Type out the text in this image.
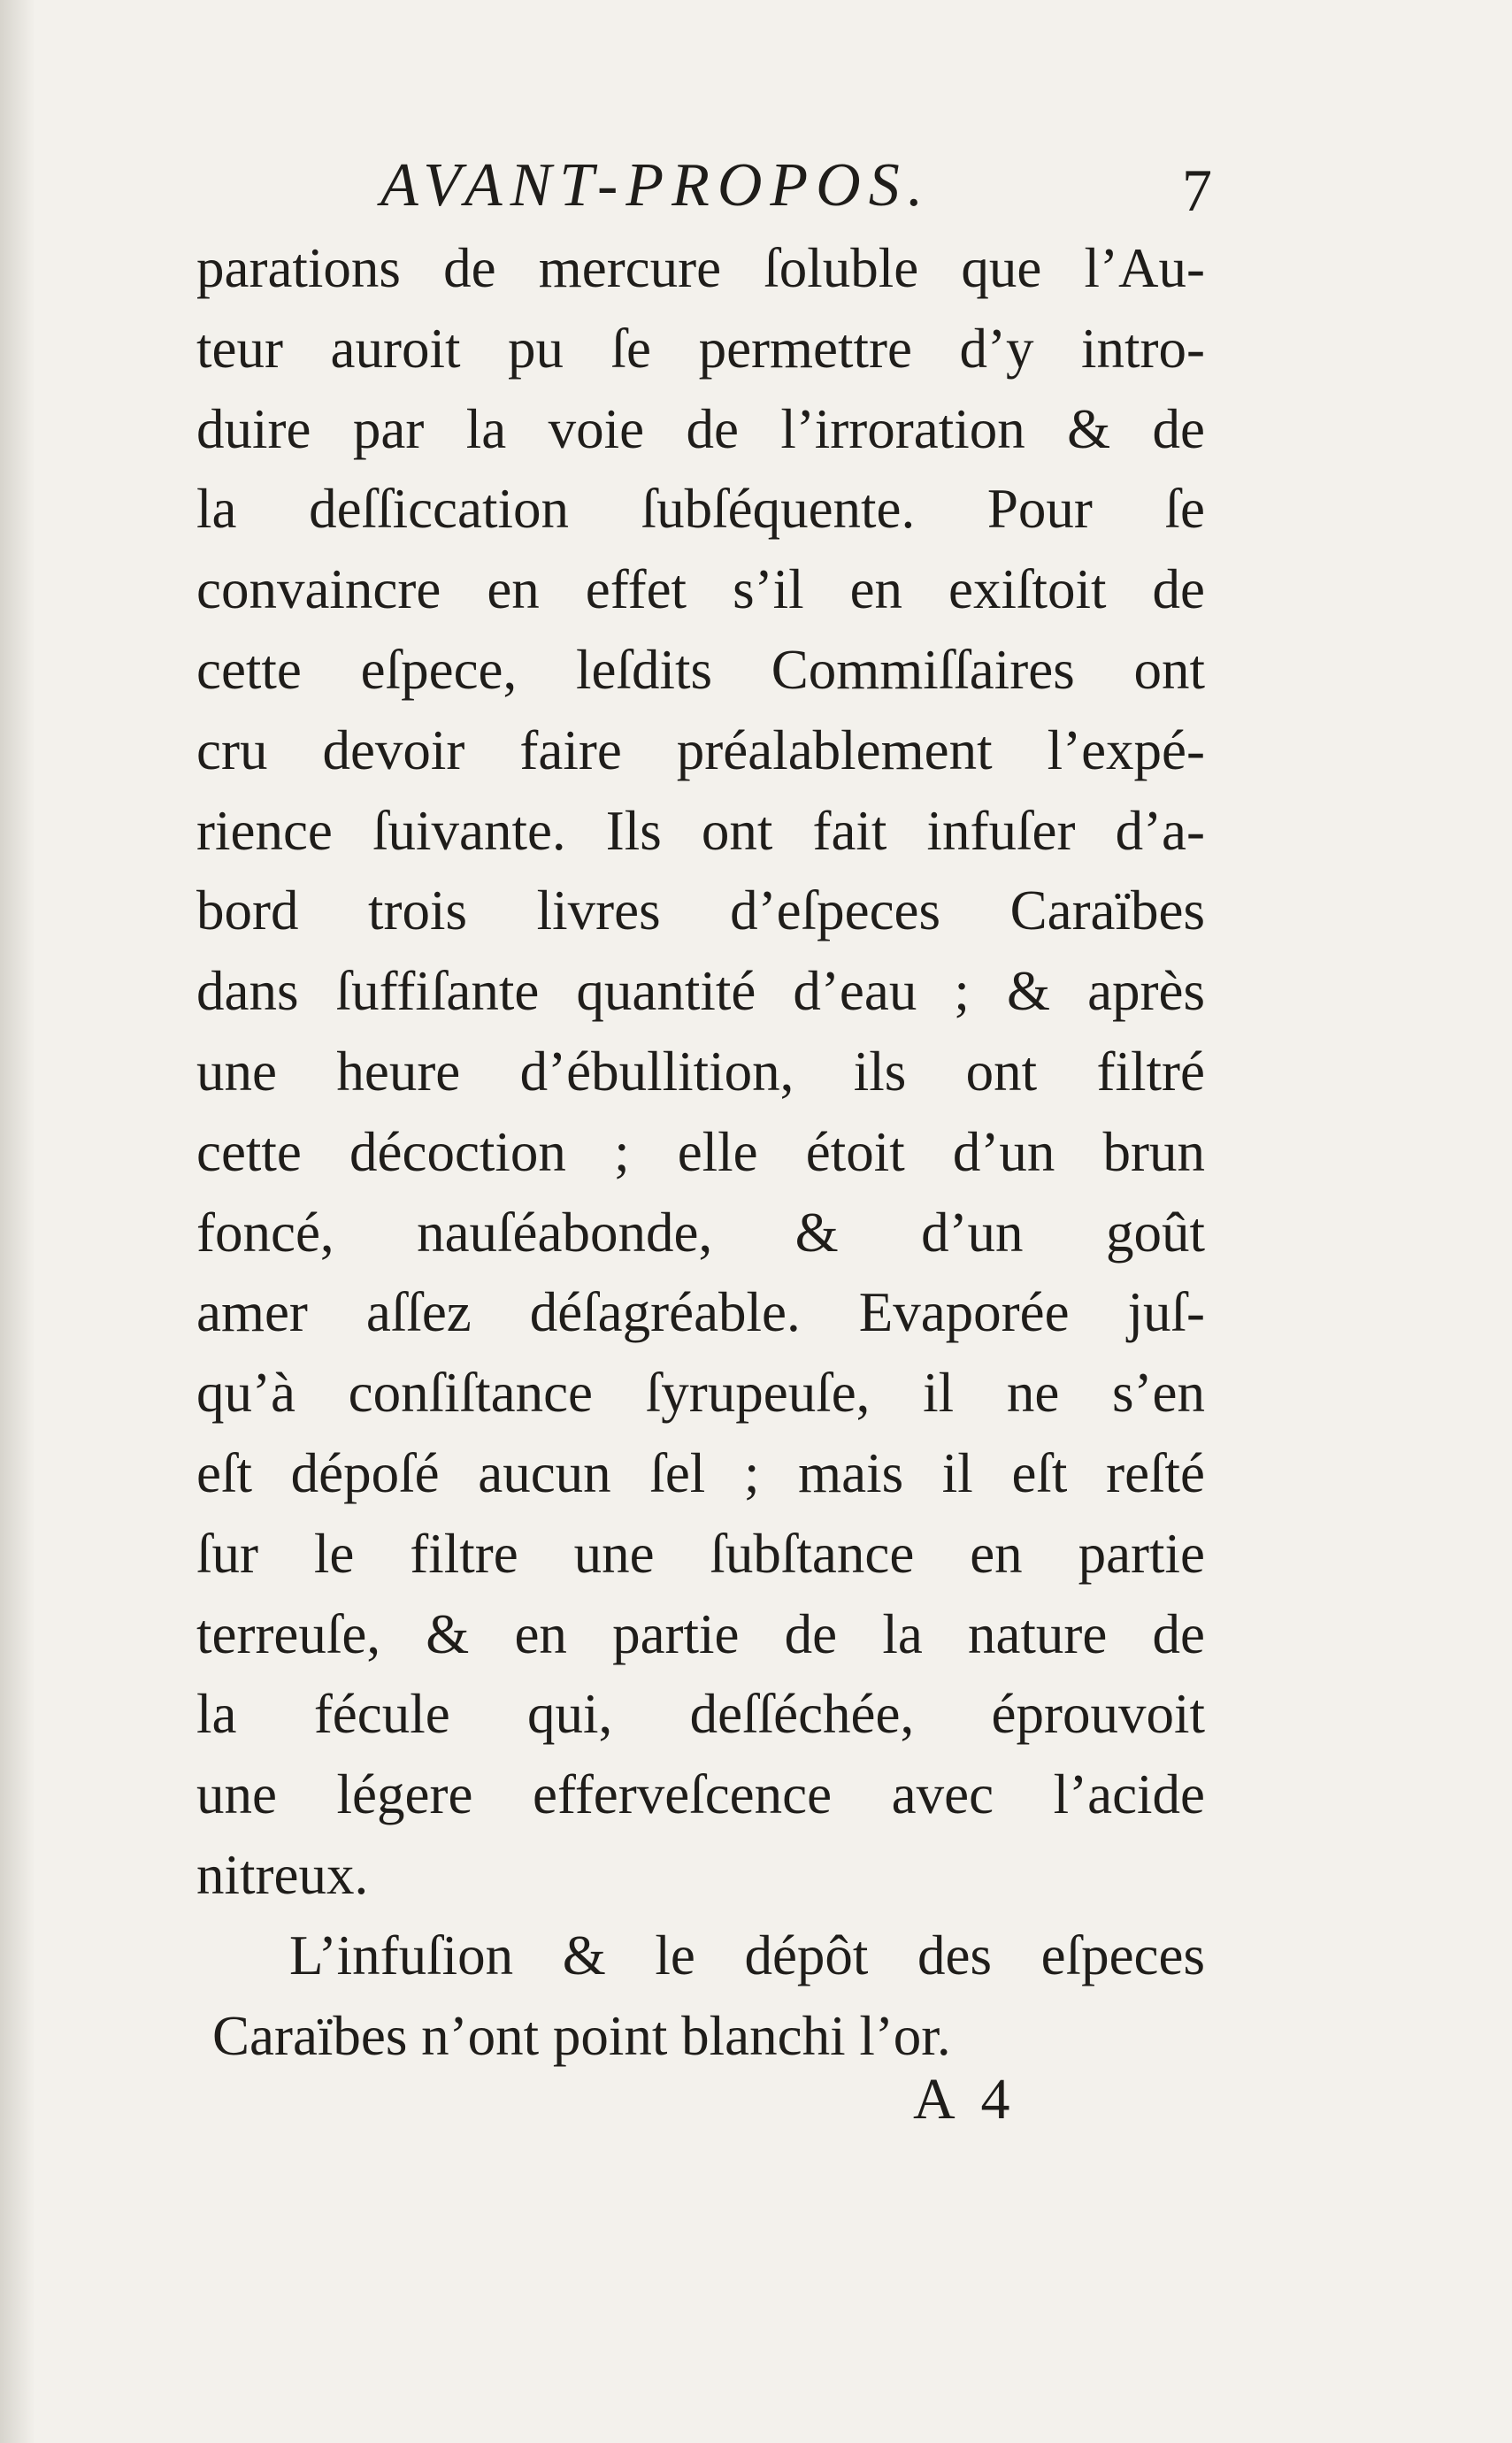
AVANT-PROPOS.	7
parations de mercure ſoluble que l’Au-
teur auroit pu ſe permettre d’y intro-
duire par la voie de l’irroration & de
la deſſiccation ſubſéquente. Pour ſe
convaincre en effet s’il en exiſtoit de
cette eſpece, leſdits Commiſſaires ont
cru devoir faire préalablement l’expé-
rience ſuivante. Ils ont fait infuſer d’a-
bord trois livres d’eſpeces Caraïbes
dans ſuffiſante quantité d’eau ; & après
une heure d’ébullition, ils ont filtré
cette décoction ; elle étoit d’un brun
foncé, nauſéabonde, & d’un goût
amer aſſez déſagréable. Evaporée juſ-
qu’à conſiſtance ſyrupeuſe, il ne s’en
eſt dépoſé aucun ſel ; mais il eſt reſté
ſur le filtre une ſubſtance en partie
terreuſe, & en partie de la nature de
la fécule qui, deſſéchée, éprouvoit
une légere efferveſcence avec l’acide
nitreux.
L’infuſion & le dépôt des eſpeces
Caraïbes n’ont point blanchi l’or.
A 4
